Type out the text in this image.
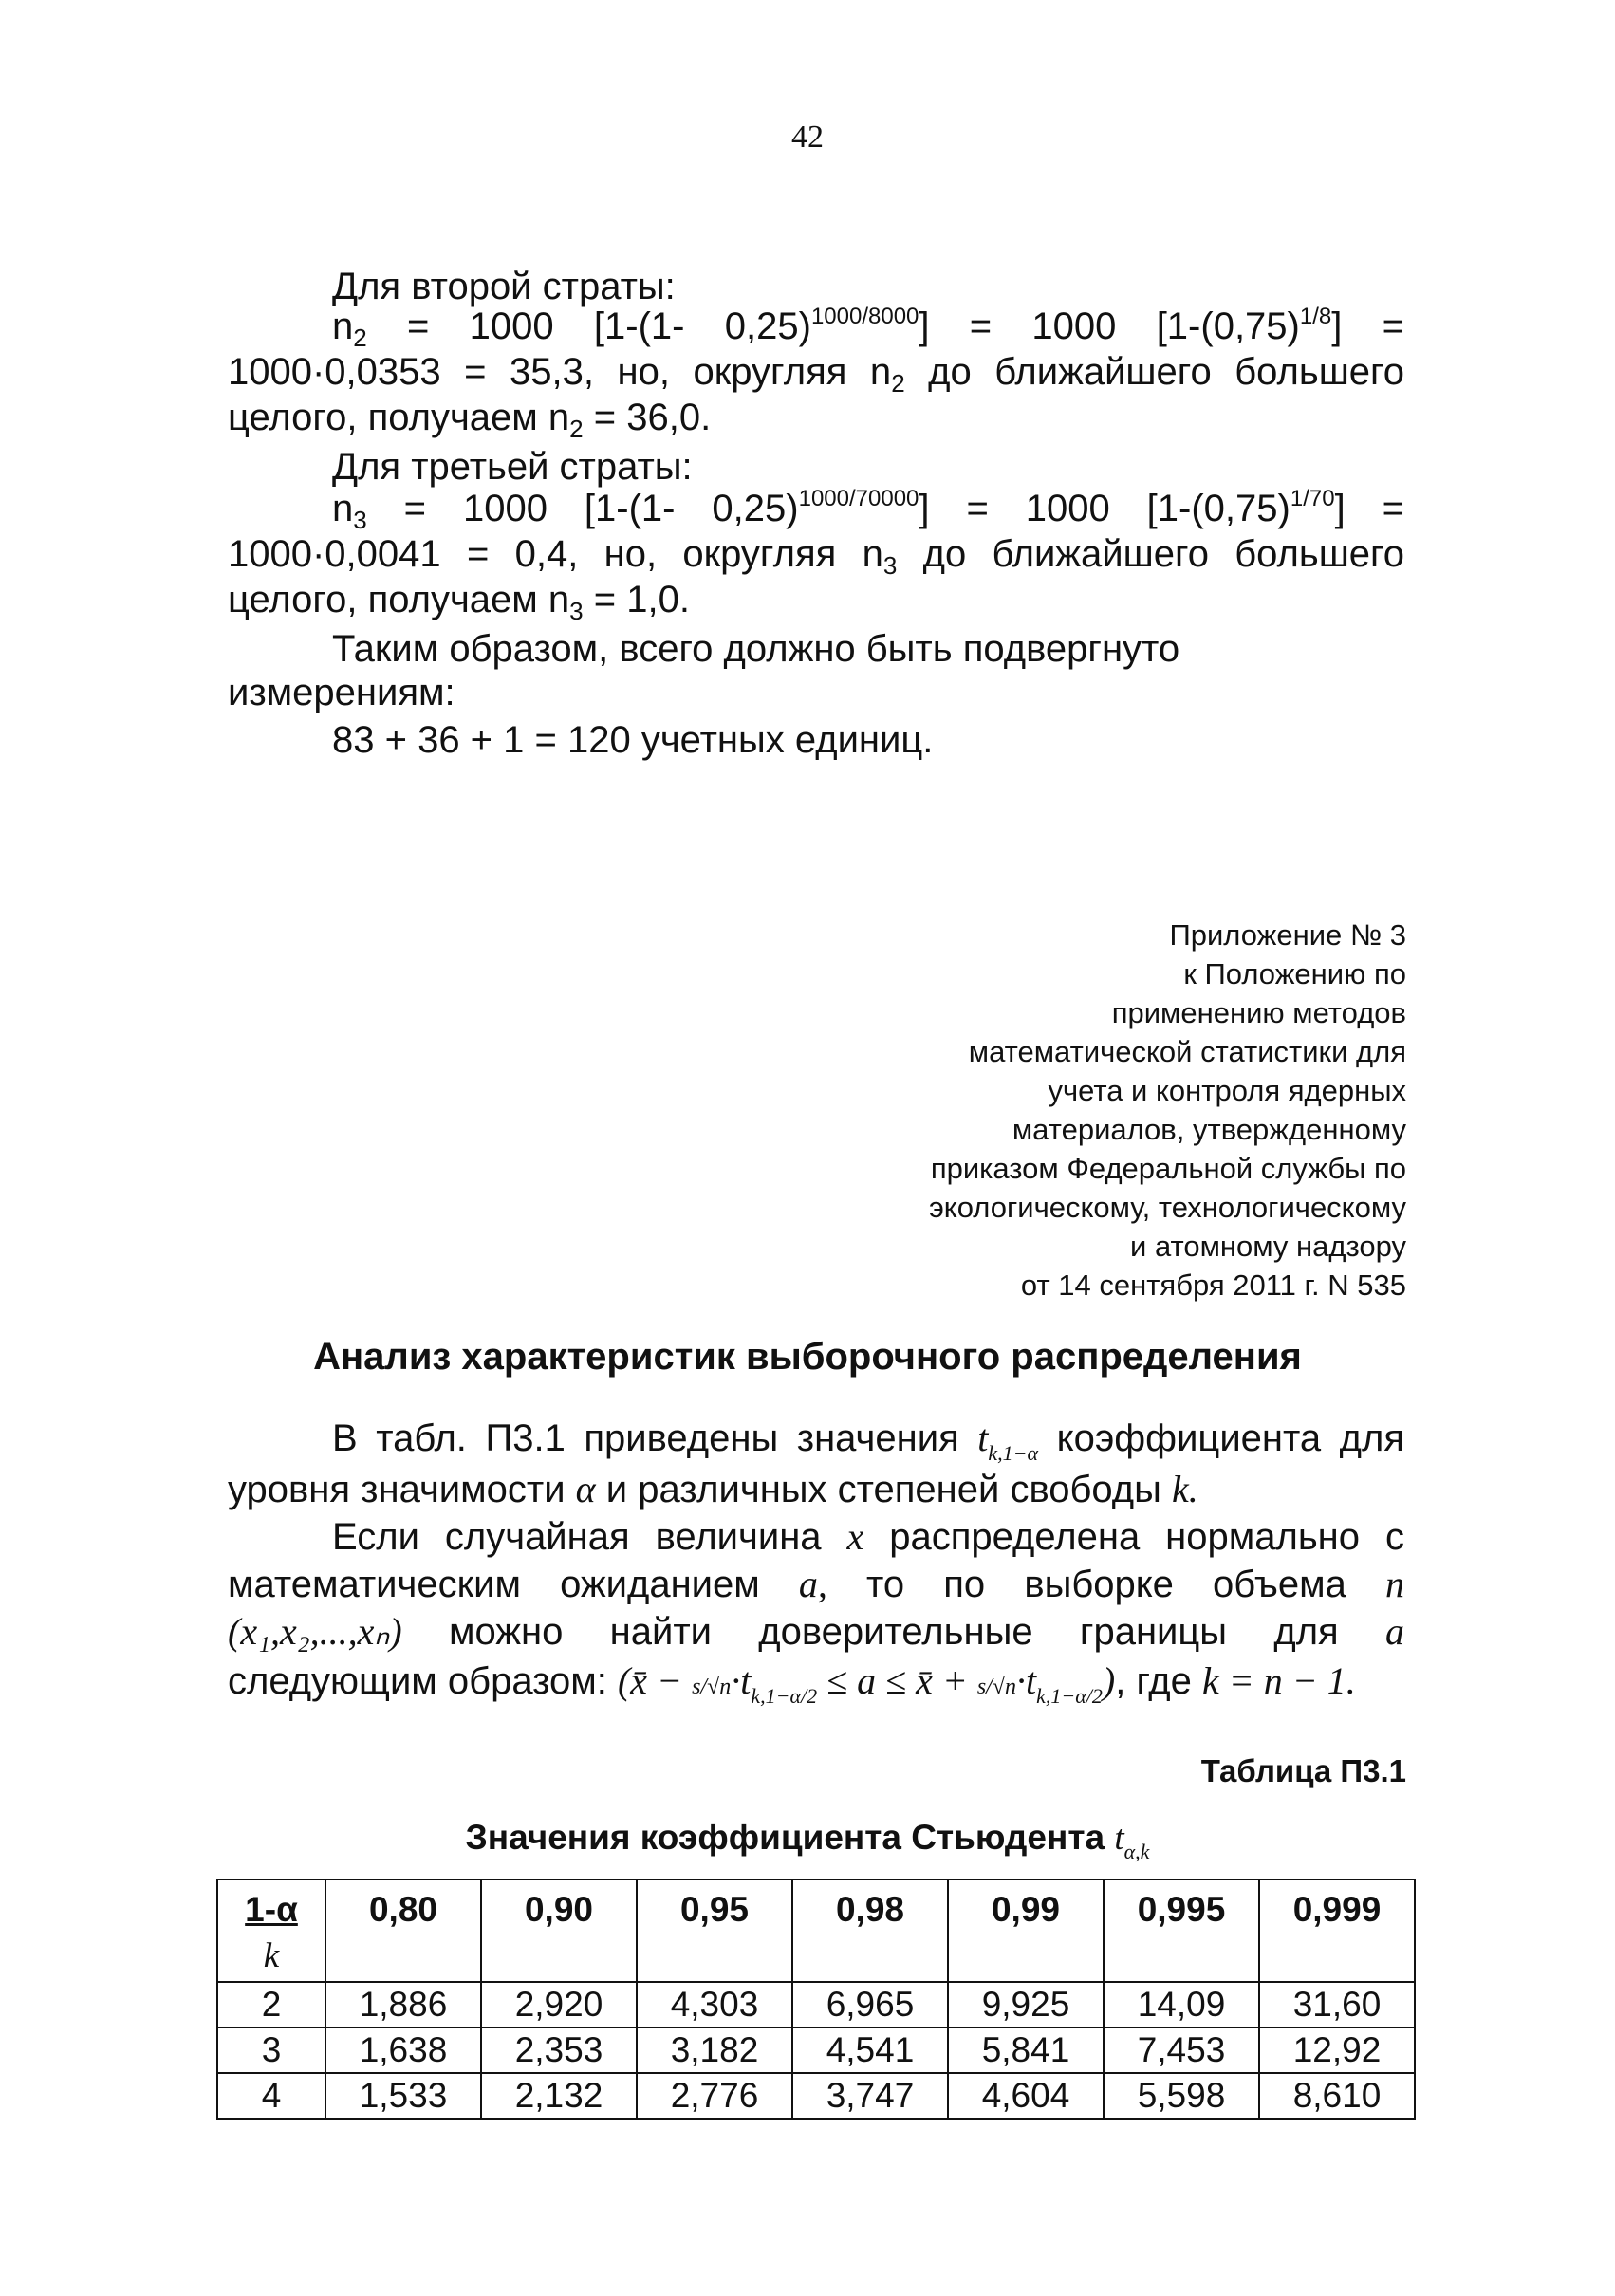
42
Для второй страты:
$n_2 = 1000$ [1-(1- 0,25)$^{1000/8000}$] = 1000 $[1-(0,75)^{1/8}]$ =
1000·0,0353 = 35,3, но, округляя $n_2$ до ближайшего большего
целого, получаем $n_2 = 36,0$.
Для третьей страты:
$n_3 = 1000$ [1-(1- 0,25)$^{1000/70000}$] = 1000 $[1-(0,75)^{1/70}]$ =
1000·0,0041 = 0,4, но, округляя $n_3$ до ближайшего большего
целого, получаем $n_3 = 1,0$.
Таким образом, всего должно быть подвергнуто
измерениям:
83 + 36 + 1 = 120 учетных единиц.
Приложение № 3
к Положению по
применению методов
математической статистики для
учета и контроля ядерных
материалов, утвержденному
приказом Федеральной службы по
экологическому, технологическому
и атомному надзору
от 14 сентября 2011 г. N 535
Анализ характеристик выборочного распределения
В табл. П3.1 приведены значения $t_{k,1-\alpha}$ коэффициента для
уровня значимости α и различных степеней свободы k.
Если случайная величина x распределена нормально с
математическим ожиданием a, то по выборке объема n
(x₁,x₂,...,xₙ) можно найти доверительные границы для a
следующим образом: (x̄ − $s/√n\cdot t_{k,1-\alpha/2} \le a$ ≤ x̄ + $s/√n\cdot t_{k,1-\alpha/2}$), где k = n − 1.
Таблица П3.1
Значения коэффициента Стьюдента $t_{\alpha,k}$
1-α
k	0,80	0,90	0,95	0,98	0,99	0,995	0,999
2	1,886	2,920	4,303	6,965	9,925	14,09	31,60
3	1,638	2,353	3,182	4,541	5,841	7,453	12,92
4	1,533	2,132	2,776	3,747	4,604	5,598	8,610
